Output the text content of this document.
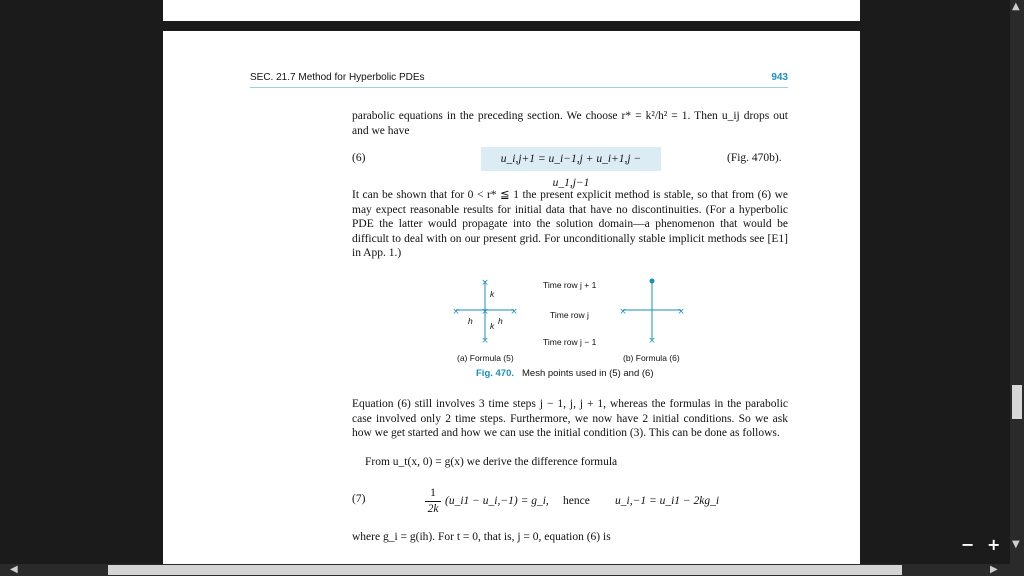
SEC. 21.7 Method for Hyperbolic PDEs	943
parabolic equations in the preceding section. We choose r* = k²/h² = 1. Then u_ij drops out and we have
(6)	u_i,j+1 = u_i−1,j + u_i+1,j − u_1,j−1
(Fig. 470b).
It can be shown that for 0 < r* ≦ 1 the present explicit method is stable, so that from (6) we may expect reasonable results for initial data that have no discontinuities. (For a hyperbolic PDE the latter would propagate into the solution domain—a phenomenon that would be difficult to deal with on our present grid. For unconditionally stable implicit methods see [E1] in App. 1.)
×
× × ×
×
×	×
×
k
h	h
k
Time row j + 1
Time row j
Time row j − 1
(a) Formula (5)	(b) Formula (6)
Fig. 470. Mesh points used in (5) and (6)
Equation (6) still involves 3 time steps j − 1, j, j + 1, whereas the formulas in the parabolic case involved only 2 time steps. Furthermore, we now have 2 initial conditions. So we ask how we get started and how we can use the initial condition (3). This can be done as follows.
From u_t(x, 0) = g(x) we derive the difference formula
(7)	1
2k
(u_i1 − u_i,−1) = g_i, hence u_i,−1 = u_i1 − 2kg_i
where g_i = g(ih). For t = 0, that is, j = 0, equation (6) is
▲
▼
◀	▶
− +
